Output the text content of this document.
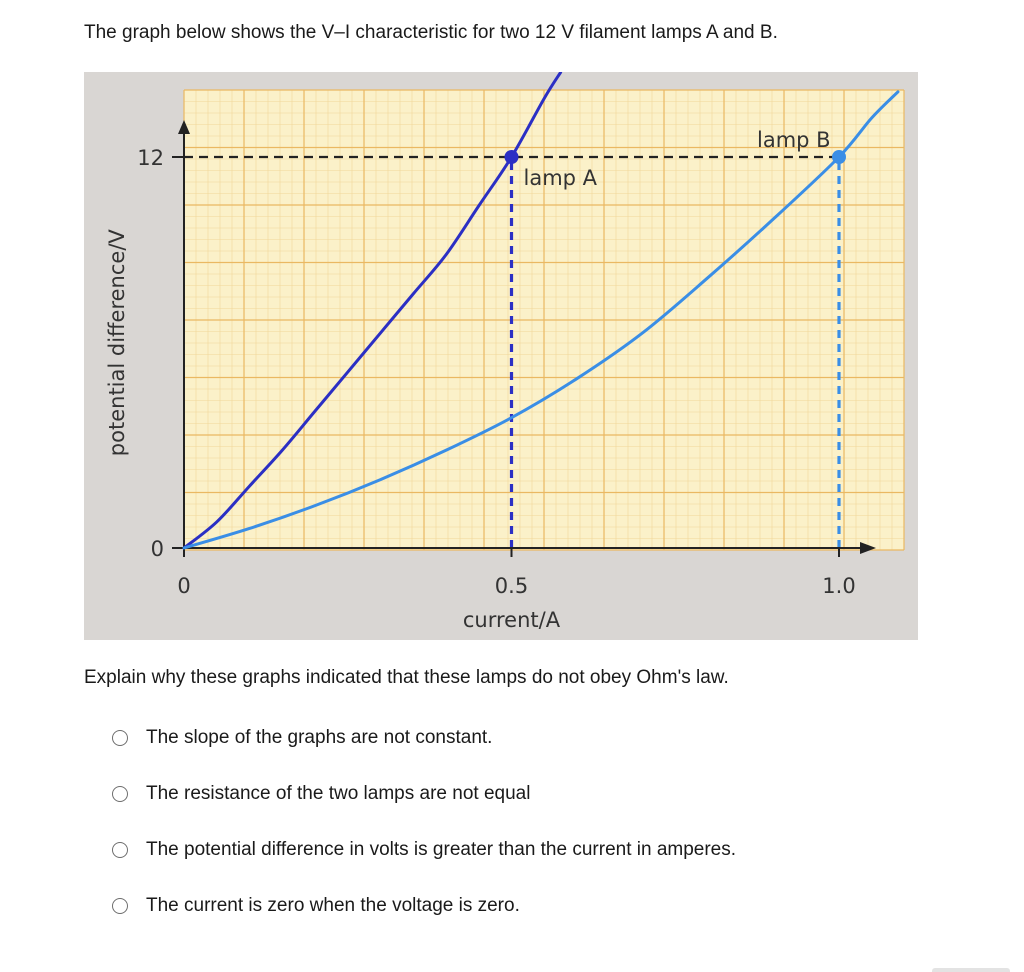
The graph below shows the V–I characteristic for two 12 V filament lamps A and B.
0
12
0	0.5	1.0
current/A
potential difference/V
lamp A
lamp B

Explain why these graphs indicated that these lamps do not obey Ohm's law.

The slope of the graphs are not constant.
The resistance of the two lamps are not equal
The potential difference in volts is greater than the current in amperes.
The current is zero when the voltage is zero.
